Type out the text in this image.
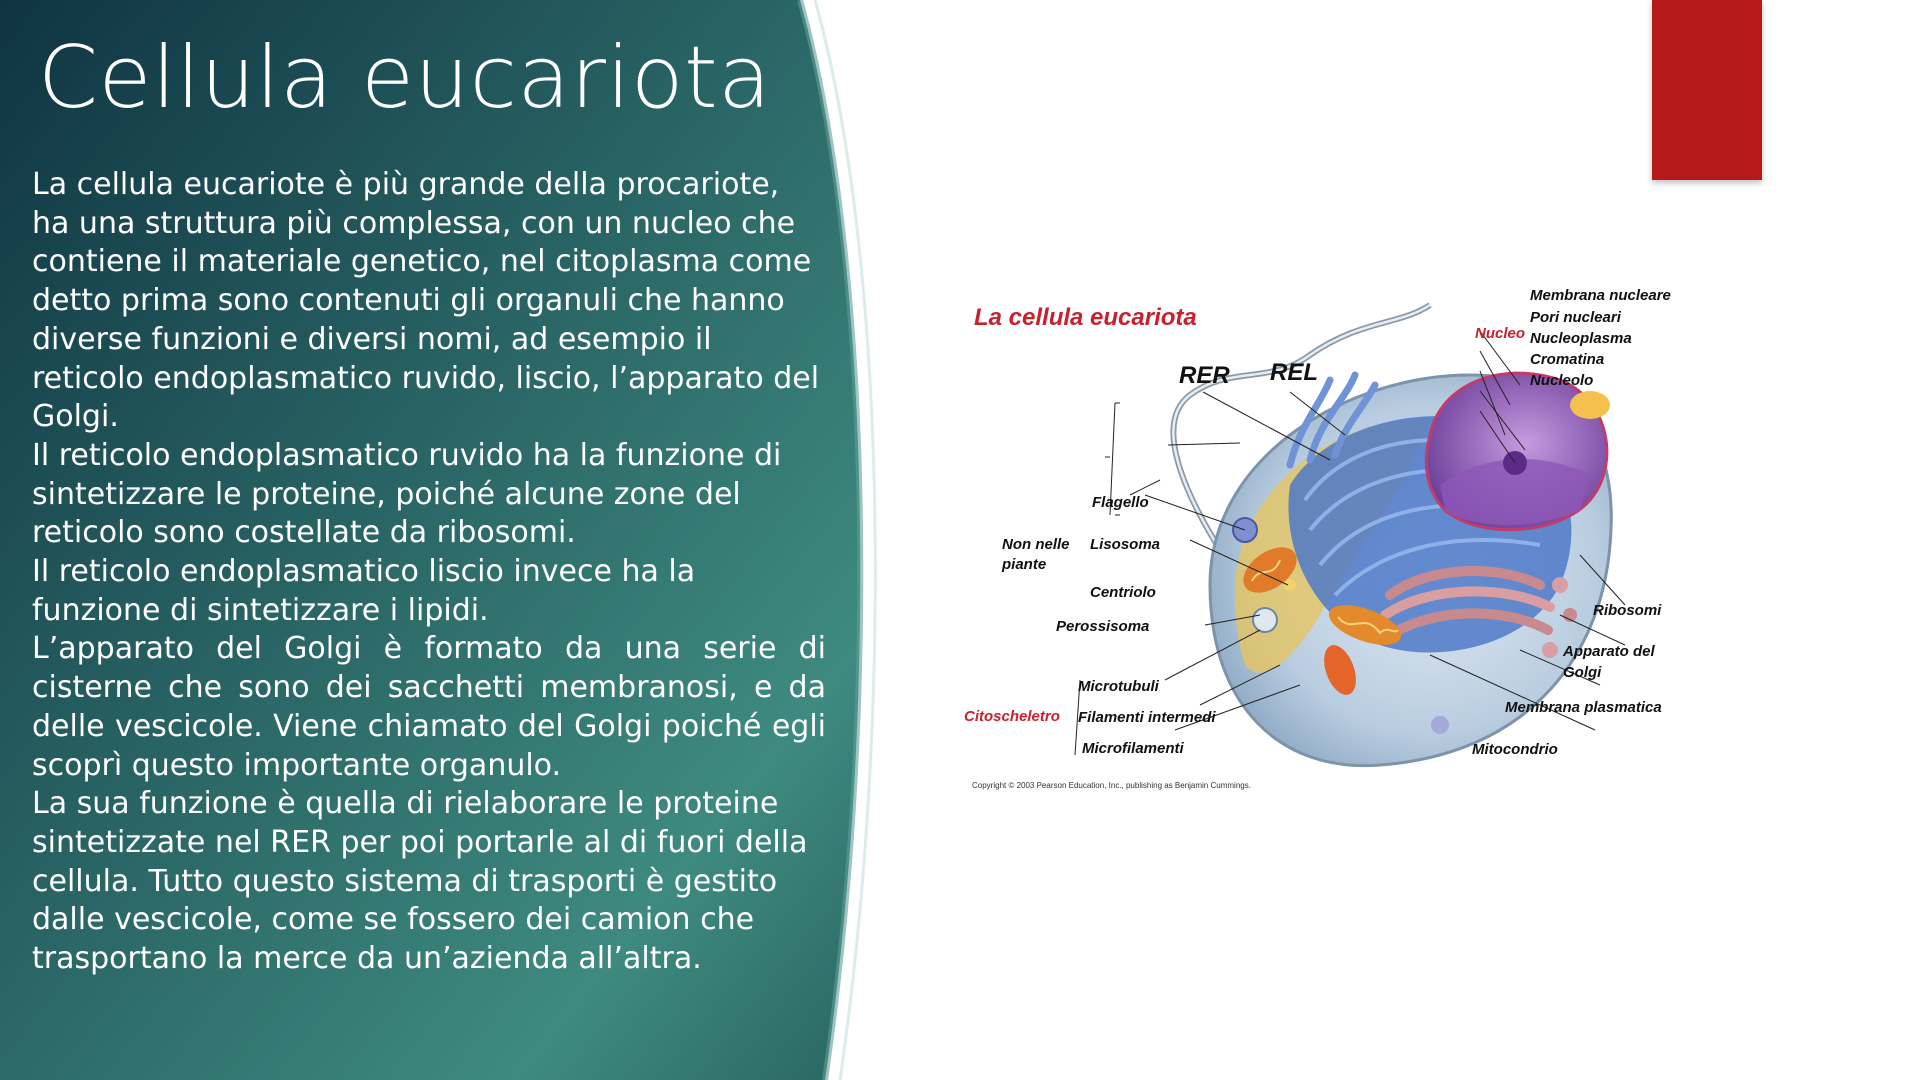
Cellula eucariota

La cellula eucariote è più grande della procariote, ha una struttura più complessa, con un nucleo che contiene il materiale genetico, nel citoplasma come detto prima sono contenuti gli organuli che hanno diverse funzioni e diversi nomi, ad esempio il reticolo endoplasmatico ruvido, liscio, l’apparato del Golgi.

Il reticolo endoplasmatico ruvido ha la funzione di sintetizzare le proteine, poiché alcune zone del reticolo sono costellate da ribosomi.

Il reticolo endoplasmatico liscio invece ha la funzione di sintetizzare i lipidi.

L’apparato del Golgi è formato da una serie di cisterne che sono dei sacchetti membranosi, e da delle vescicole. Viene chiamato del Golgi poiché egli scoprì questo importante organulo.

La sua funzione è quella di rielaborare le proteine sintetizzate nel RER per poi portarle al di fuori della cellula. Tutto questo sistema di trasporti è gestito dalle vescicole, come se fossero dei camion che trasportano la merce da un’azienda all’altra.

La cellula eucariota
RER REL
Nucleo
Membrana nucleare
Pori nucleari
Nucleoplasma
Cromatina
Nucleolo
Flagello
Non nelle
piante
Lisosoma
Centriolo
Perossisoma
Ribosomi
Apparato del
Golgi
Microtubuli
Citoscheletro Filamenti intermedi
Microfilamenti
Membrana plasmatica
Mitocondrio
Copyright © 2003 Pearson Education, Inc., publishing as Benjamin Cummings.
